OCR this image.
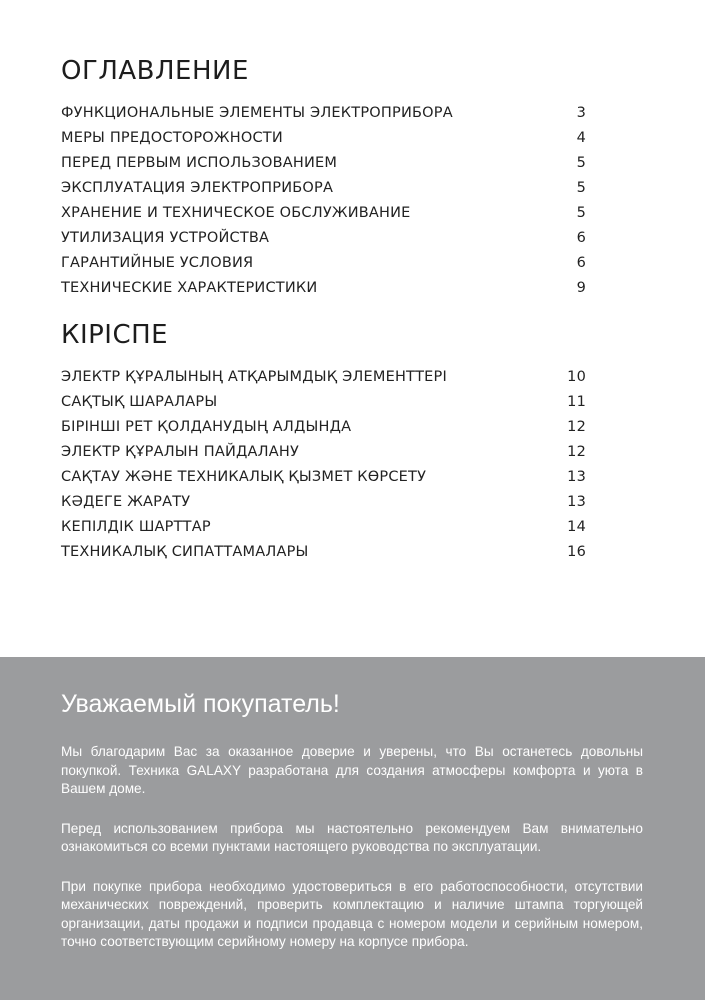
ОГЛАВЛЕНИЕ
ФУНКЦИОНАЛЬНЫЕ ЭЛЕМЕНТЫ ЭЛЕКТРОПРИБОРА	3
МЕРЫ ПРЕДОСТОРОЖНОСТИ	4
ПЕРЕД ПЕРВЫМ ИСПОЛЬЗОВАНИЕМ	5
ЭКСПЛУАТАЦИЯ ЭЛЕКТРОПРИБОРА	5
ХРАНЕНИЕ И ТЕХНИЧЕСКОЕ ОБСЛУЖИВАНИЕ	5
УТИЛИЗАЦИЯ УСТРОЙСТВА	6
ГАРАНТИЙНЫЕ УСЛОВИЯ	6
ТЕХНИЧЕСКИЕ ХАРАКТЕРИСТИКИ	9
КІРІСПЕ
ЭЛЕКТР ҚҰРАЛЫНЫҢ АТҚАРЫМДЫҚ ЭЛЕМЕНТТЕРІ	10
САҚТЫҚ ШАРАЛАРЫ	11
БІРІНШІ РЕТ ҚОЛДАНУДЫҢ АЛДЫНДА	12
ЭЛЕКТР ҚҰРАЛЫН ПАЙДАЛАНУ	12
САҚТАУ ЖӘНЕ ТЕХНИКАЛЫҚ ҚЫЗМЕТ КӨРСЕТУ	13
КӘДЕГЕ ЖАРАТУ	13
КЕПІЛДІК ШАРТТАР	14
ТЕХНИКАЛЫҚ СИПАТТАМАЛАРЫ	16
Уважаемый покупатель!

Мы благодарим Вас за оказанное доверие и уверены, что Вы останетесь довольны покупкой. Техника GALAXY разработана для создания атмосферы комфорта и уюта в Вашем доме.

Перед использованием прибора мы настоятельно рекомендуем Вам внимательно ознакомиться со всеми пунктами настоящего руководства по эксплуатации.

При покупке прибора необходимо удостовериться в его работоспособности, отсутствии механических повреждений, проверить комплектацию и наличие штампа торгующей организации, даты продажи и подписи продавца с номером модели и серийным номером, точно соответствующим серийному номеру на корпусе прибора.
